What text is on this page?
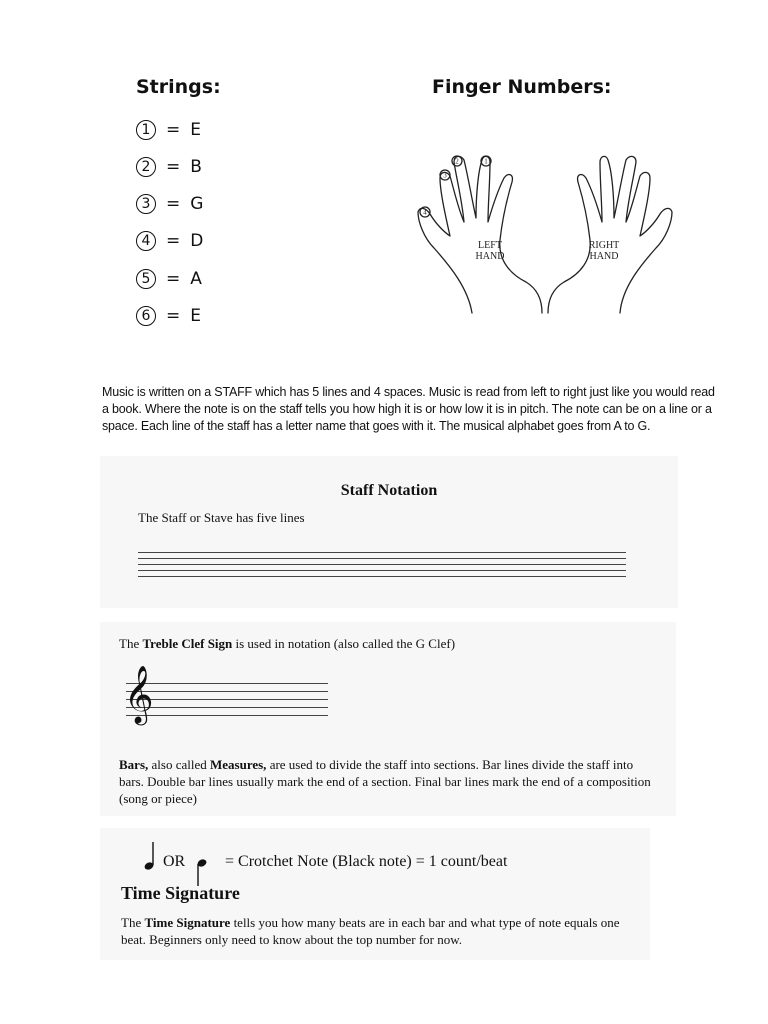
Strings:
1 = E
2 = B
3 = G
4 = D
5 = A
6 = E
Finger Numbers:
4
3
2	1
LEFT
HAND
RIGHT
HAND
Music is written on a STAFF which has 5 lines and 4 spaces. Music is read from left to right just like you would read a book. Where the note is on the staff tells you how high it is or how low it is in pitch. The note can be on a line or a space. Each line of the staff has a letter name that goes with it. The musical alphabet goes from A to G.
Staff Notation
The Staff or Stave has five lines
The Treble Clef Sign is used in notation (also called the G Clef)
𝄞
Bars, also called Measures, are used to divide the staff into sections. Bar lines divide the staff into bars. Double bar lines usually mark the end of a section. Final bar lines mark the end of a composition (song or piece)
OR = Crotchet Note (Black note) = 1 count/beat
Time Signature
The Time Signature tells you how many beats are in each bar and what type of note equals one beat. Beginners only need to know about the top number for now.
